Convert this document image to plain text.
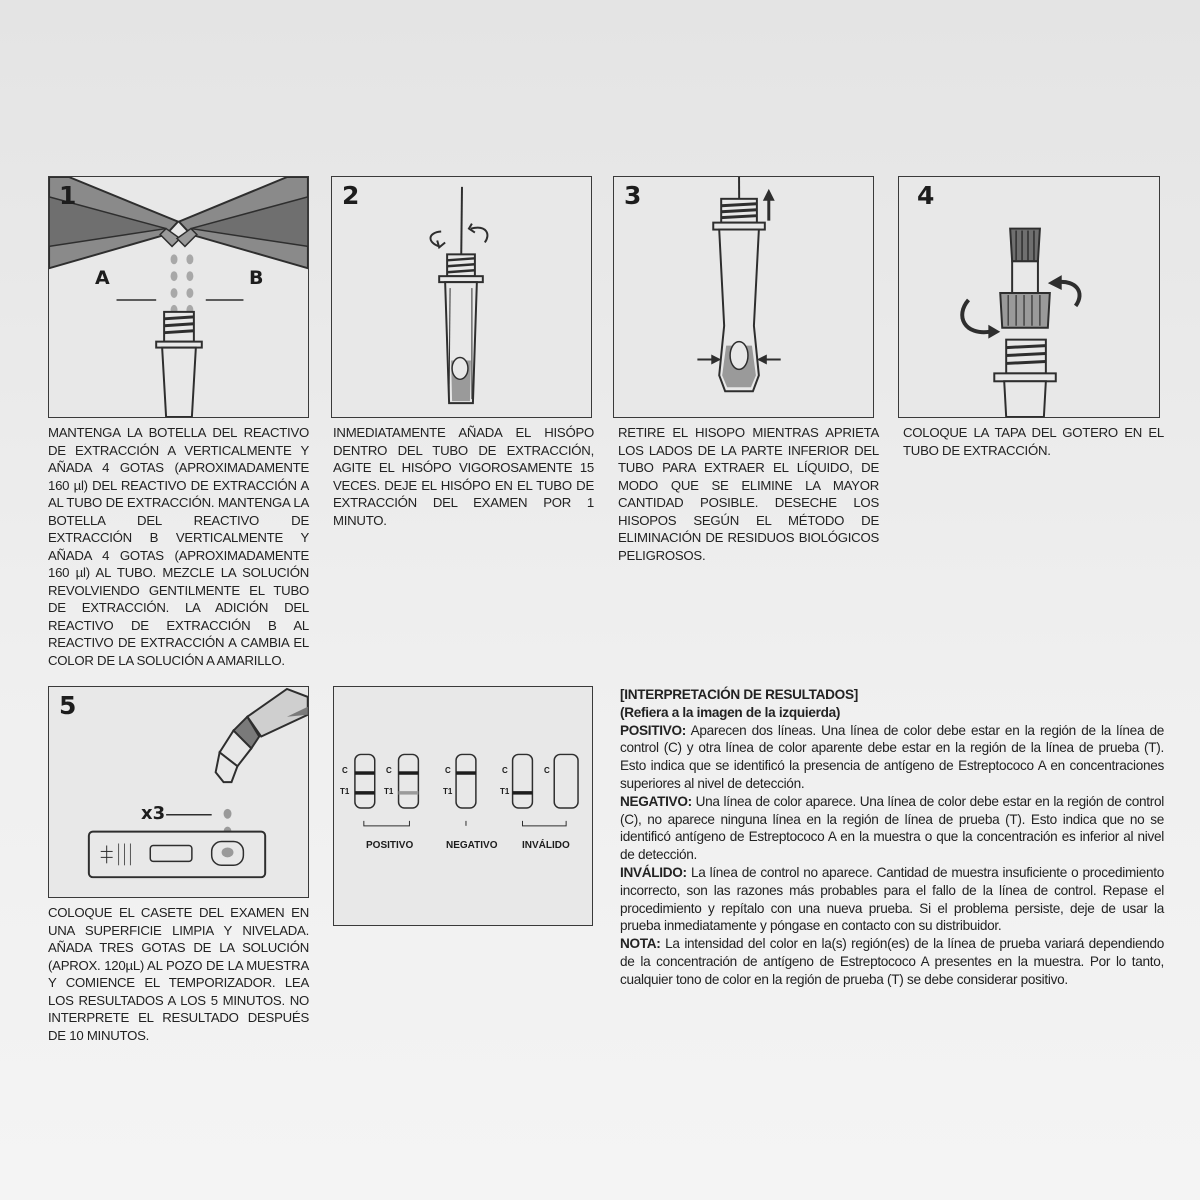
1
A	B
MANTENGA LA BOTELLA DEL REACTIVO DE EXTRACCIÓN A VERTICALMENTE Y AÑADA 4 GOTAS (APROXIMADAMENTE 160 µl) DEL REACTIVO DE EXTRACCIÓN A AL TUBO DE EXTRACCIÓN. MANTENGA LA BOTELLA DEL REACTIVO DE EXTRACCIÓN B VERTICALMENTE Y AÑADA 4 GOTAS (APROXIMADAMENTE 160 µl) AL TUBO. MEZCLE LA SOLUCIÓN REVOLVIENDO GENTILMENTE EL TUBO DE EXTRACCIÓN. LA ADICIÓN DEL REACTIVO DE EXTRACCIÓN B AL REACTIVO DE EXTRACCIÓN A CAMBIA EL COLOR DE LA SOLUCIÓN A AMARILLO.
2
INMEDIATAMENTE AÑADA EL HISÓPO DENTRO DEL TUBO DE EXTRACCIÓN, AGITE EL HISÓPO VIGOROSAMENTE 15 VECES. DEJE EL HISÓPO EN EL TUBO DE EXTRACCIÓN DEL EXAMEN POR 1 MINUTO.
3
RETIRE EL HISOPO MIENTRAS APRIETA LOS LADOS DE LA PARTE INFERIOR DEL TUBO PARA EXTRAER EL LÍQUIDO, DE MODO QUE SE ELIMINE LA MAYOR CANTIDAD POSIBLE. DESECHE LOS HISOPOS SEGÚN EL MÉTODO DE ELIMINACIÓN DE RESIDUOS BIOLÓGICOS PELIGROSOS.
4
COLOQUE LA TAPA DEL GOTERO EN EL TUBO DE EXTRACCIÓN.
5
x3
COLOQUE EL CASETE DEL EXAMEN EN UNA SUPERFICIE LIMPIA Y NIVELADA. AÑADA TRES GOTAS DE LA SOLUCIÓN (APROX. 120µL) AL POZO DE LA MUESTRA Y COMIENCE EL TEMPORIZADOR. LEA LOS RESULTADOS A LOS 5 MINUTOS. NO INTERPRETE EL RESULTADO DESPUÉS DE 10 MINUTOS.
C
T1
C
T1
C
T1
C
T1
C
POSITIVO	NEGATIVO INVÁLIDO

[INTERPRETACIÓN DE RESULTADOS]

(Refiera a la imagen de la izquierda)

POSITIVO: Aparecen dos líneas. Una línea de color debe estar en la región de la línea de control (C) y otra línea de color aparente debe estar en la región de la línea de prueba (T). Esto indica que se identificó la presencia de antígeno de Estreptococo A en concentraciones superiores al nivel de detección.

NEGATIVO: Una línea de color aparece. Una línea de color debe estar en la región de control (C), no aparece ninguna línea en la región de línea de prueba (T). Esto indica que no se identificó antígeno de Estreptococo A en la muestra o que la concentración es inferior al nivel de detección.

INVÁLIDO: La línea de control no aparece. Cantidad de muestra insuficiente o procedimiento incorrecto, son las razones más probables para el fallo de la línea de control. Repase el procedimiento y repítalo con una nueva prueba. Si el problema persiste, deje de usar la prueba inmediatamente y póngase en contacto con su distribuidor.

NOTA: La intensidad del color en la(s) región(es) de la línea de prueba variará dependiendo de la concentración de antígeno de Estreptococo A presentes en la muestra. Por lo tanto, cualquier tono de color en la región de prueba (T) se debe considerar positivo.
